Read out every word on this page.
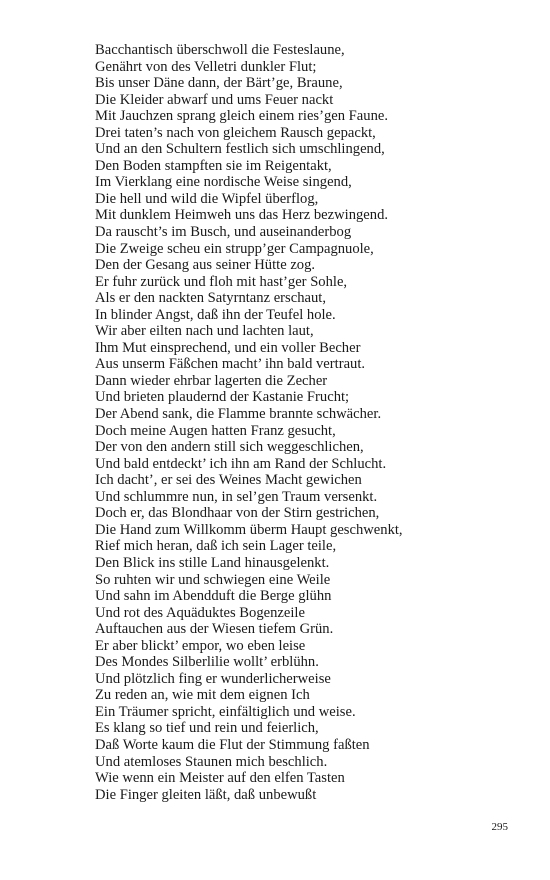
Bacchantisch überschwoll die Festeslaune,
Genährt von des Velletri dunkler Flut;
Bis unser Däne dann, der Bärt’ge, Braune,
Die Kleider abwarf und ums Feuer nackt
Mit Jauchzen sprang gleich einem ries’gen Faune.
Drei taten’s nach von gleichem Rausch gepackt,
Und an den Schultern festlich sich umschlingend,
Den Boden stampften sie im Reigentakt,
Im Vierklang eine nordische Weise singend,
Die hell und wild die Wipfel überflog,
Mit dunklem Heimweh uns das Herz bezwingend.
Da rauscht’s im Busch, und auseinanderbog
Die Zweige scheu ein strupp’ger Campagnuole,
Den der Gesang aus seiner Hütte zog.
Er fuhr zurück und floh mit hast’ger Sohle,
Als er den nackten Satyrntanz erschaut,
In blinder Angst, daß ihn der Teufel hole.
Wir aber eilten nach und lachten laut,
Ihm Mut einsprechend, und ein voller Becher
Aus unserm Fäßchen macht’ ihn bald vertraut.
Dann wieder ehrbar lagerten die Zecher
Und brieten plaudernd der Kastanie Frucht;
Der Abend sank, die Flamme brannte schwächer.
Doch meine Augen hatten Franz gesucht,
Der von den andern still sich weggeschlichen,
Und bald entdeckt’ ich ihn am Rand der Schlucht.
Ich dacht’, er sei des Weines Macht gewichen
Und schlummre nun, in sel’gen Traum versenkt.
Doch er, das Blondhaar von der Stirn gestrichen,
Die Hand zum Willkomm überm Haupt geschwenkt,
Rief mich heran, daß ich sein Lager teile,
Den Blick ins stille Land hinausgelenkt.
So ruhten wir und schwiegen eine Weile
Und sahn im Abendduft die Berge glühn
Und rot des Aquäduktes Bogenzeile
Auftauchen aus der Wiesen tiefem Grün.
Er aber blickt’ empor, wo eben leise
Des Mondes Silberlilie wollt’ erblühn.
Und plötzlich fing er wunderlicherweise
Zu reden an, wie mit dem eignen Ich
Ein Träumer spricht, einfältiglich und weise.
Es klang so tief und rein und feierlich,
Daß Worte kaum die Flut der Stimmung faßten
Und atemloses Staunen mich beschlich.
Wie wenn ein Meister auf den elfen Tasten
Die Finger gleiten läßt, daß unbewußt
295
